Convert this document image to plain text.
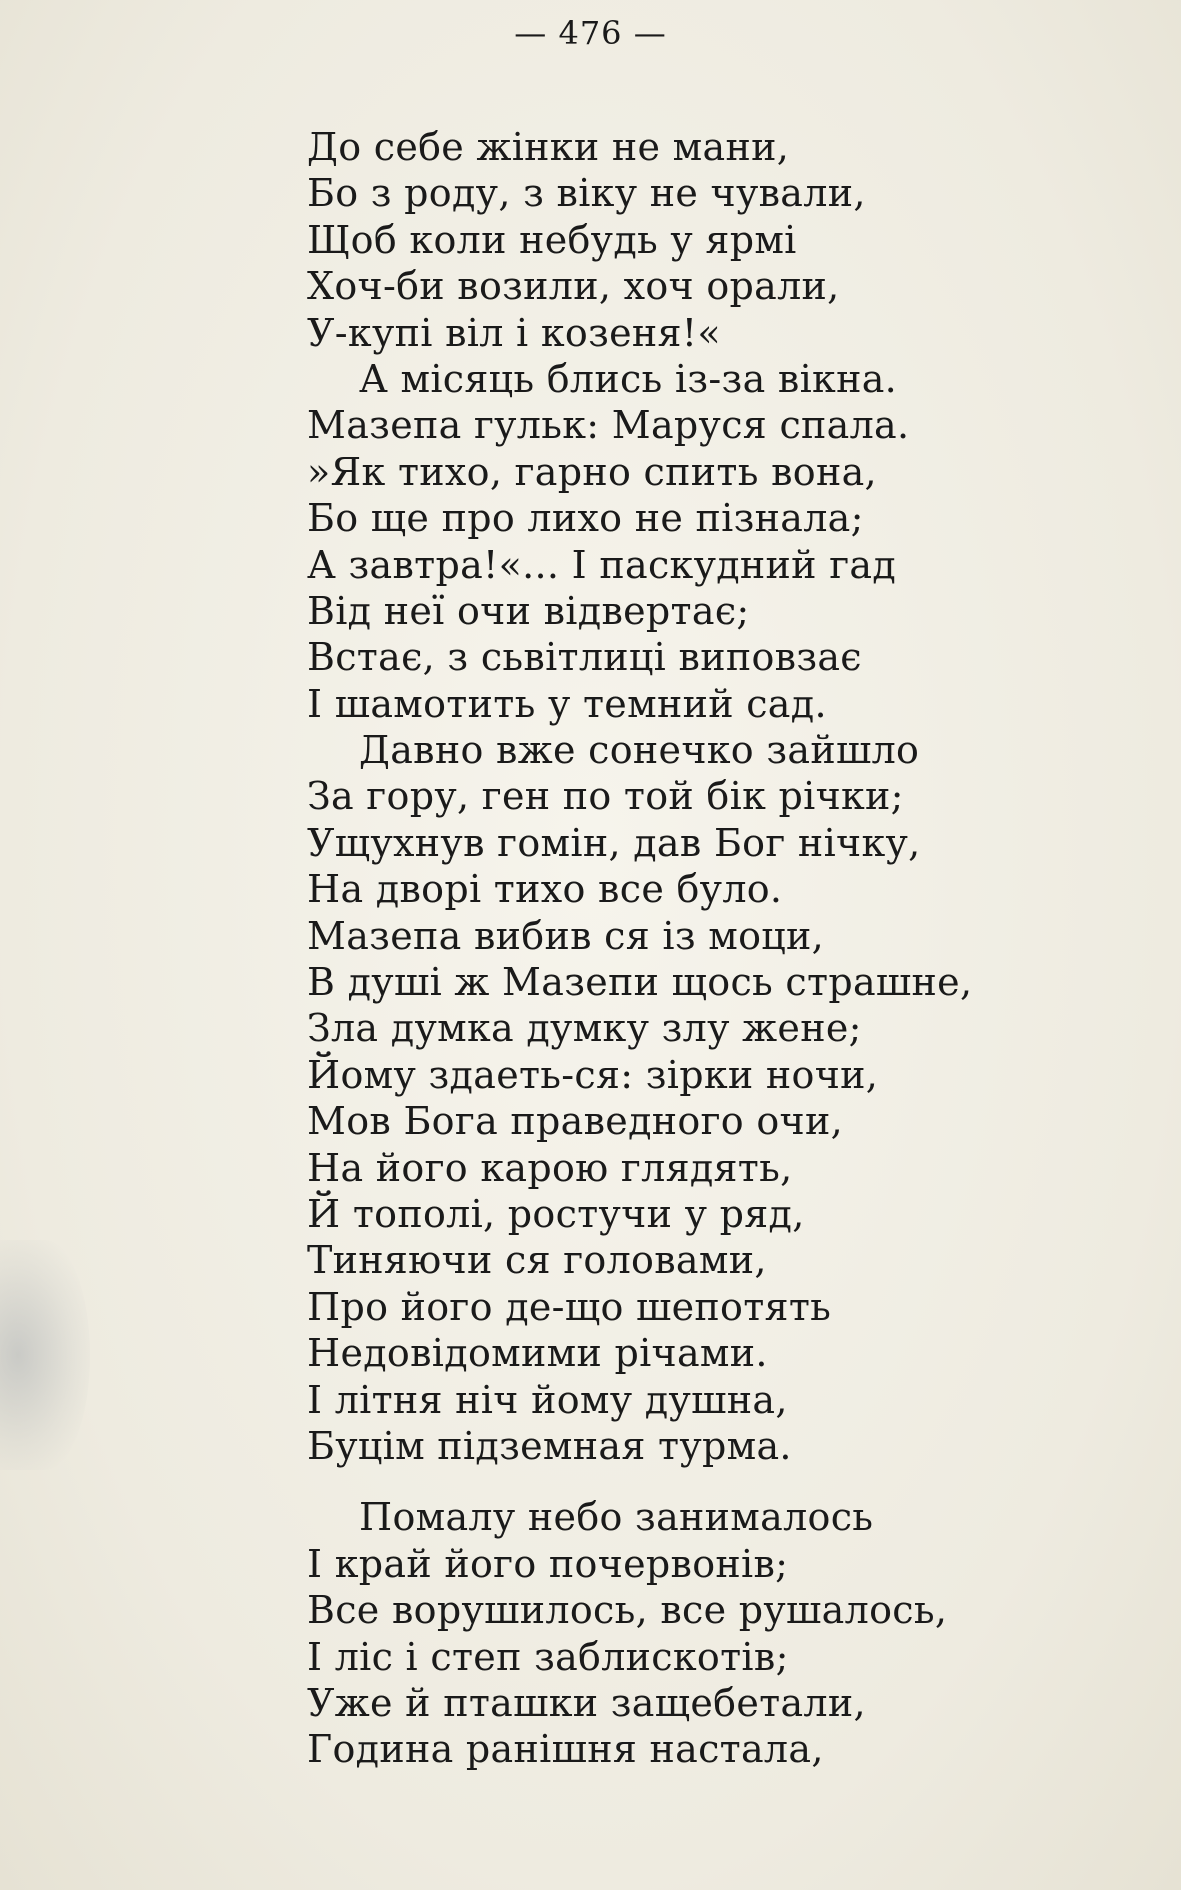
— 476 —
До себе жінки не мани,
Бо з роду, з віку не чували,
Щоб коли небудь у ярмі
Хоч-би возили, хоч орали,
У-купі віл і козеня!«
А місяць блись із-за вікна.
Мазепа гульк: Маруся спала.
»Як тихо, гарно спить вона,
Бо ще про лихо не пізнала;
А завтра!«... І паскудний гад
Від неї очи відвертає;
Встає, з сьвітлиці виповзає
І шамотить у темний сад.
Давно вже сонечко зайшло
За гору, ген по той бік річки;
Ущухнув гомін, дав Бог нічку,
На дворі тихо все було.
Мазепа вибив ся із моци,
В душі ж Мазепи щось страшне,
Зла думка думку злу жене;
Йому здаеть-ся: зірки ночи,
Мов Бога праведного очи,
На його карою глядять,
Й тополі, ростучи у ряд,
Тиняючи ся головами,
Про його де-що шепотять
Недовідомими річами.
І літня ніч йому душна,
Буцім підземная турма.
Помалу небо занималось
І край його почервонів;
Все ворушилось, все рушалось,
І ліс і степ заблискотів;
Уже й пташки защебетали,
Година ранішня настала,
